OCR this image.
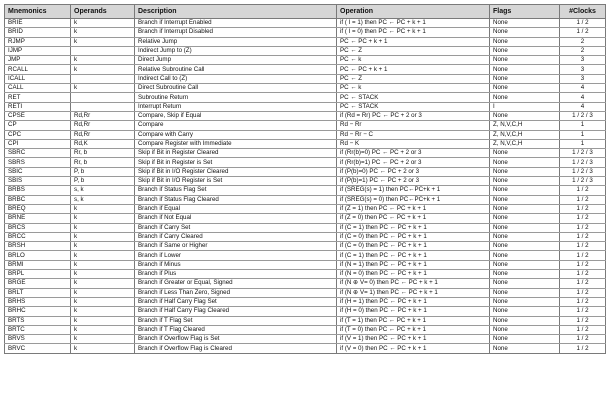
Mnemonics	Operands	Description	Operation	Flags	#Clocks
BRIE	k	Branch if Interrupt Enabled	if ( I = 1) then PC ← PC + k + 1	None	1 / 2
BRID	k	Branch if Interrupt Disabled	if ( I = 0) then PC ← PC + k + 1	None	1 / 2
RJMP	k	Relative Jump	PC ← PC + k + 1	None	2
IJMP		Indirect Jump to (Z)	PC ← Z	None	2
JMP	k	Direct Jump	PC ← k	None	3
RCALL	k	Relative Subroutine Call	PC ← PC + k + 1	None	3
ICALL		Indirect Call to (Z)	PC ← Z	None	3
CALL	k	Direct Subroutine Call	PC ← k	None	4
RET		Subroutine Return	PC ← STACK	None	4
RETI		Interrupt Return	PC ← STACK	I	4
CPSE	Rd,Rr	Compare, Skip if Equal	if (Rd = Rr) PC ← PC + 2 or 3	None	1 / 2 / 3
CP	Rd,Rr	Compare	Rd − Rr	Z, N,V,C,H	1
CPC	Rd,Rr	Compare with Carry	Rd − Rr − C	Z, N,V,C,H	1
CPI	Rd,K	Compare Register with Immediate	Rd − K	Z, N,V,C,H	1
SBRC	Rr, b	Skip if Bit in Register Cleared	if (Rr(b)=0) PC ← PC + 2 or 3	None	1 / 2 / 3
SBRS	Rr, b	Skip if Bit in Register is Set	if (Rr(b)=1) PC ← PC + 2 or 3	None	1 / 2 / 3
SBIC	P, b	Skip if Bit in I/O Register Cleared	if (P(b)=0) PC ← PC + 2 or 3	None	1 / 2 / 3
SBIS	P, b	Skip if Bit in I/O Register is Set	if (P(b)=1) PC ← PC + 2 or 3	None	1 / 2 / 3
BRBS	s, k	Branch if Status Flag Set	if (SREG(s) = 1) then PC←PC+k + 1	None	1 / 2
BRBC	s, k	Branch if Status Flag Cleared	if (SREG(s) = 0) then PC←PC+k + 1	None	1 / 2
BREQ	k	Branch if Equal	if (Z = 1) then PC ← PC + k + 1	None	1 / 2
BRNE	k	Branch if Not Equal	if (Z = 0) then PC ← PC + k + 1	None	1 / 2
BRCS	k	Branch if Carry Set	if (C = 1) then PC ← PC + k + 1	None	1 / 2
BRCC	k	Branch if Carry Cleared	if (C = 0) then PC ← PC + k + 1	None	1 / 2
BRSH	k	Branch if Same or Higher	if (C = 0) then PC ← PC + k + 1	None	1 / 2
BRLO	k	Branch if Lower	if (C = 1) then PC ← PC + k + 1	None	1 / 2
BRMI	k	Branch if Minus	if (N = 1) then PC ← PC + k + 1	None	1 / 2
BRPL	k	Branch if Plus	if (N = 0) then PC ← PC + k + 1	None	1 / 2
BRGE	k	Branch if Greater or Equal, Signed	if (N ⊕ V= 0) then PC ← PC + k + 1	None	1 / 2
BRLT	k	Branch if Less Than Zero, Signed	if (N ⊕ V= 1) then PC ← PC + k + 1	None	1 / 2
BRHS	k	Branch if Half Carry Flag Set	if (H = 1) then PC ← PC + k + 1	None	1 / 2
BRHC	k	Branch if Half Carry Flag Cleared	if (H = 0) then PC ← PC + k + 1	None	1 / 2
BRTS	k	Branch if T Flag Set	if (T = 1) then PC ← PC + k + 1	None	1 / 2
BRTC	k	Branch if T Flag Cleared	if (T = 0) then PC ← PC + k + 1	None	1 / 2
BRVS	k	Branch if Overflow Flag is Set	if (V = 1) then PC ← PC + k + 1	None	1 / 2
BRVC	k	Branch if Overflow Flag is Cleared	if (V = 0) then PC ← PC + k + 1	None	1 / 2
